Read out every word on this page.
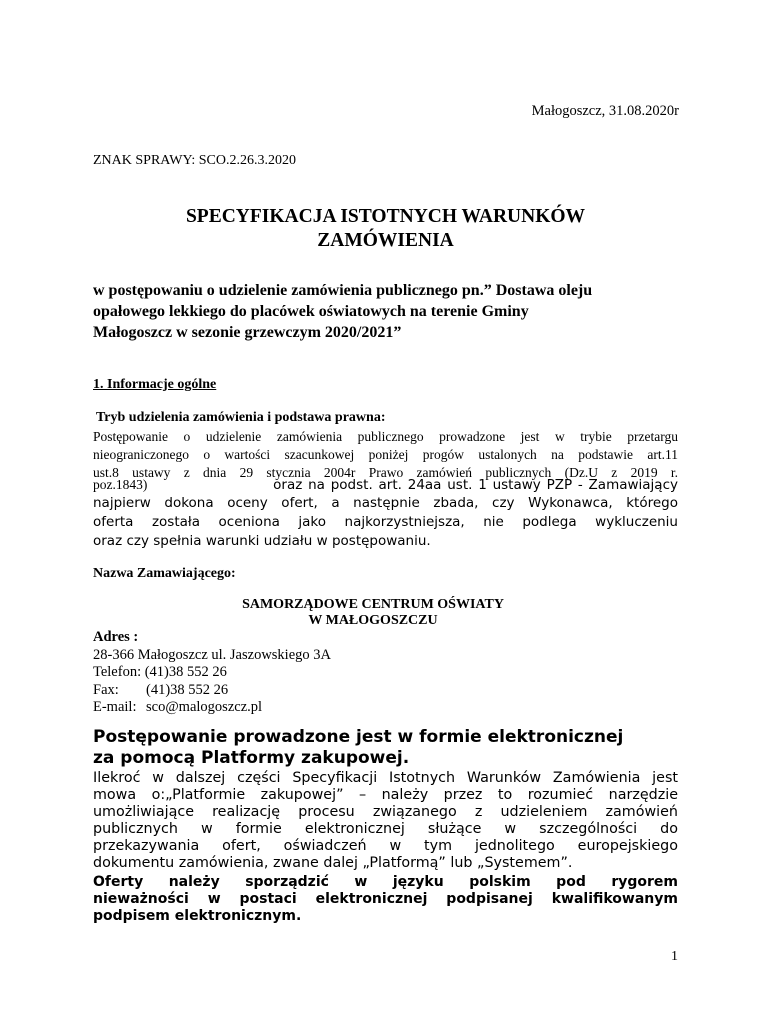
Małogoszcz, 31.08.2020r
ZNAK SPRAWY: SCO.2.26.3.2020
SPECYFIKACJA ISTOTNYCH WARUNKÓW
ZAMÓWIENIA
w postępowaniu o udzielenie zamówienia publicznego pn.” Dostawa oleju
opałowego lekkiego do placówek oświatowych na terenie Gminy
Małogoszcz w sezonie grzewczym 2020/2021”
1. Informacje ogólne
Tryb udzielenia zamówienia i podstawa prawna:
Postępowanie o udzielenie zamówienia publicznego prowadzone jest w trybie przetargu
nieograniczonego o wartości szacunkowej poniżej progów ustalonych na podstawie art.11
ust.8 ustawy z dnia 29 stycznia 2004r Prawo zamówień publicznych (Dz.U z 2019 r.
poz.1843)	oraz na podst. art. 24aa ust. 1 ustawy PZP - Zamawiający
najpierw dokona oceny ofert, a następnie zbada, czy Wykonawca, którego
oferta została oceniona jako najkorzystniejsza, nie podlega wykluczeniu
oraz czy spełnia warunki udziału w postępowaniu.
Nazwa Zamawiającego:
SAMORZĄDOWE CENTRUM OŚWIATY
W MAŁOGOSZCZU
Adres :
28-366 Małogoszcz ul. Jaszowskiego 3A
Telefon: (41)38 552 26
Fax: (41)38 552 26
E-mail: sco@malogoszcz.pl
Postępowanie prowadzone jest w formie elektronicznej
za pomocą Platformy zakupowej.
Ilekroć w dalszej części Specyfikacji Istotnych Warunków Zamówienia jest
mowa o:„Platformie zakupowej” – należy przez to rozumieć narzędzie
umożliwiające realizację procesu związanego z udzieleniem zamówień
publicznych w formie elektronicznej służące w szczególności do
przekazywania ofert, oświadczeń w tym jednolitego europejskiego
dokumentu zamówienia, zwane dalej „Platformą” lub „Systemem”.
Oferty należy sporządzić w języku polskim pod rygorem
nieważności w postaci elektronicznej podpisanej kwalifikowanym
podpisem elektronicznym.
1
